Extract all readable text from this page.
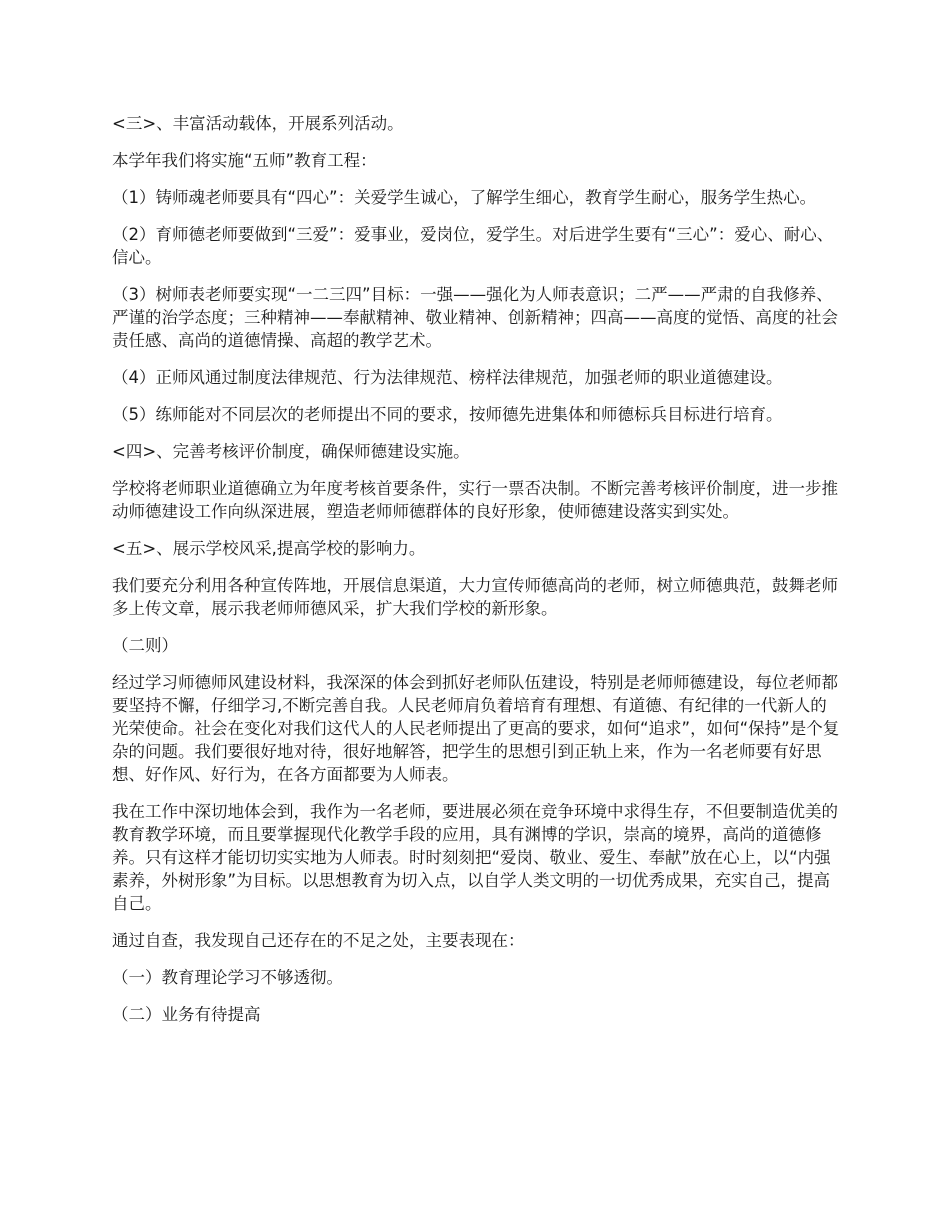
<三>、丰富活动载体，开展系列活动。

本学年我们将实施“五师”教育工程：

（1）铸师魂老师要具有“四心”：关爱学生诚心，了解学生细心，教育学生耐心，服务学生热心。

（2）育师德老师要做到“三爱”：爱事业，爱岗位，爱学生。对后进学生要有“三心”：爱心、耐心、信心。

（3）树师表老师要实现“一二三四”目标：一强——强化为人师表意识；二严——严肃的自我修养、严谨的治学态度；三种精神——奉献精神、敬业精神、创新精神；四高——高度的觉悟、高度的社会责任感、高尚的道德情操、高超的教学艺术。

（4）正师风通过制度法律规范、行为法律规范、榜样法律规范，加强老师的职业道德建设。

（5）练师能对不同层次的老师提出不同的要求，按师德先进集体和师德标兵目标进行培育。

<四>、完善考核评价制度，确保师德建设实施。

学校将老师职业道德确立为年度考核首要条件，实行一票否决制。不断完善考核评价制度，进一步推动师德建设工作向纵深进展，塑造老师师德群体的良好形象，使师德建设落实到实处。

<五>、展示学校风采,提高学校的影响力。

我们要充分利用各种宣传阵地，开展信息渠道，大力宣传师德高尚的老师，树立师德典范，鼓舞老师多上传文章，展示我老师师德风采，扩大我们学校的新形象。

（二则）

经过学习师德师风建设材料，我深深的体会到抓好老师队伍建设，特别是老师师德建设，每位老师都要坚持不懈，仔细学习,不断完善自我。人民老师肩负着培育有理想、有道德、有纪律的一代新人的光荣使命。社会在变化对我们这代人的人民老师提出了更高的要求，如何“追求”，如何“保持”是个复杂的问题。我们要很好地对待，很好地解答，把学生的思想引到正轨上来，作为一名老师要有好思想、好作风、好行为，在各方面都要为人师表。

我在工作中深切地体会到，我作为一名老师，要进展必须在竞争环境中求得生存，不但要制造优美的教育教学环境，而且要掌握现代化教学手段的应用，具有渊博的学识，崇高的境界，高尚的道德修养。只有这样才能切切实实地为人师表。时时刻刻把“爱岗、敬业、爱生、奉献”放在心上，以“内强素养，外树形象”为目标。以思想教育为切入点，以自学人类文明的一切优秀成果，充实自己，提高自己。

通过自查，我发现自己还存在的不足之处，主要表现在：

（一）教育理论学习不够透彻。

（二）业务有待提高
